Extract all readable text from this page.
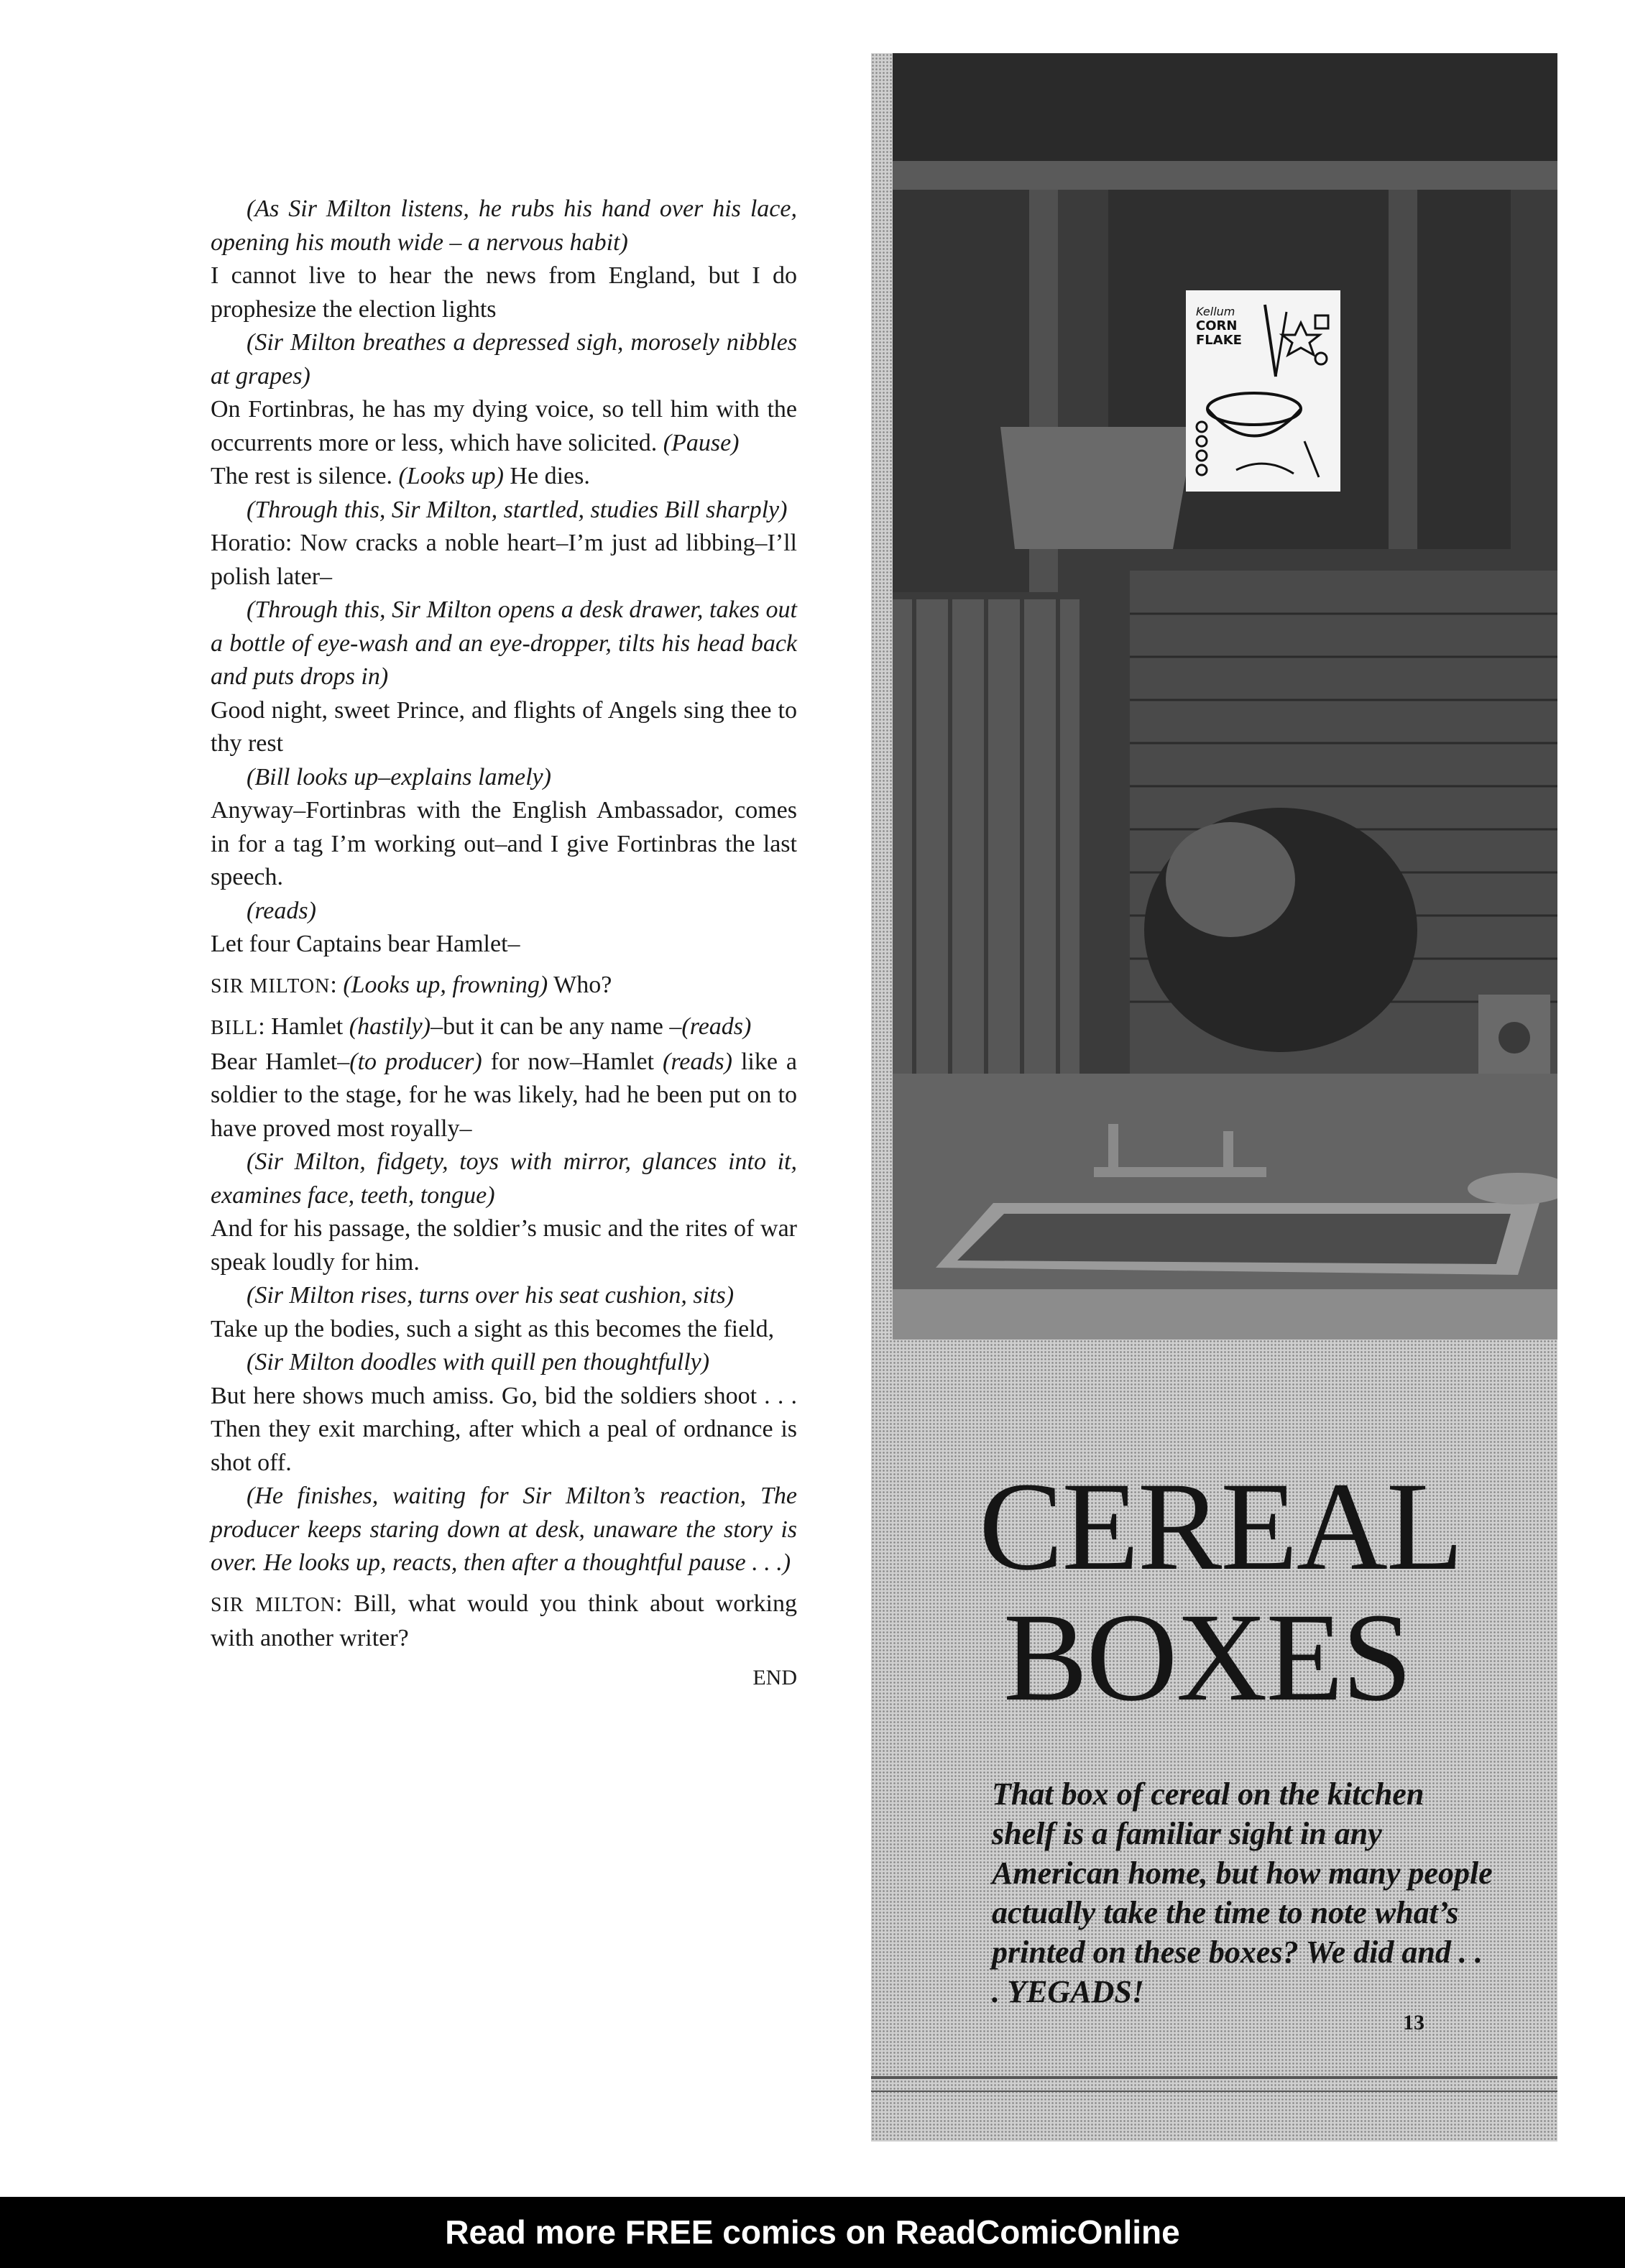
(As Sir Milton listens, he rubs his hand over his lace, opening his mouth wide – a nervous habit)

I cannot live to hear the news from England, but I do prophesize the election lights

(Sir Milton breathes a depressed sigh, morosely nibbles at grapes)

On Fortinbras, he has my dying voice, so tell him with the occurrents more or less, which have solicited. (Pause)

The rest is silence. (Looks up) He dies.

(Through this, Sir Milton, startled, studies Bill sharply)

Horatio: Now cracks a noble heart–I’m just ad libbing–I’ll polish later–

(Through this, Sir Milton opens a desk drawer, takes out a bottle of eye-wash and an eye-dropper, tilts his head back and puts drops in)

Good night, sweet Prince, and flights of Angels sing thee to thy rest

(Bill looks up–explains lamely)

Anyway–Fortinbras with the English Ambassador, comes in for a tag I’m working out–and I give Fortinbras the last speech.

(reads)

Let four Captains bear Hamlet–

SIR MILTON: (Looks up, frowning) Who?

BILL: Hamlet (hastily)–but it can be any name –(reads)

Bear Hamlet–(to producer) for now–Hamlet (reads) like a soldier to the stage, for he was likely, had he been put on to have proved most royally–

(Sir Milton, fidgety, toys with mirror, glances into it, examines face, teeth, tongue)

And for his passage, the soldier’s music and the rites of war speak loudly for him.

(Sir Milton rises, turns over his seat cushion, sits)

Take up the bodies, such a sight as this becomes the field,

(Sir Milton doodles with quill pen thoughtfully)

But here shows much amiss. Go, bid the soldiers shoot . . . Then they exit marching, after which a peal of ordnance is shot off.

(He finishes, waiting for Sir Milton’s reaction, The producer keeps staring down at desk, unaware the story is over. He looks up, reacts, then after a thoughtful pause . . .)

SIR MILTON: Bill, what would you think about working with another writer?

END

Kellum
CORN
FLAKE
CEREAL
BOXES
That box of cereal on the kitchen shelf is a familiar sight in any American home, but how many people actually take the time to note what’s printed on these boxes? We did and . . . YEGADS!
13
Read more FREE comics on ReadComicOnline
